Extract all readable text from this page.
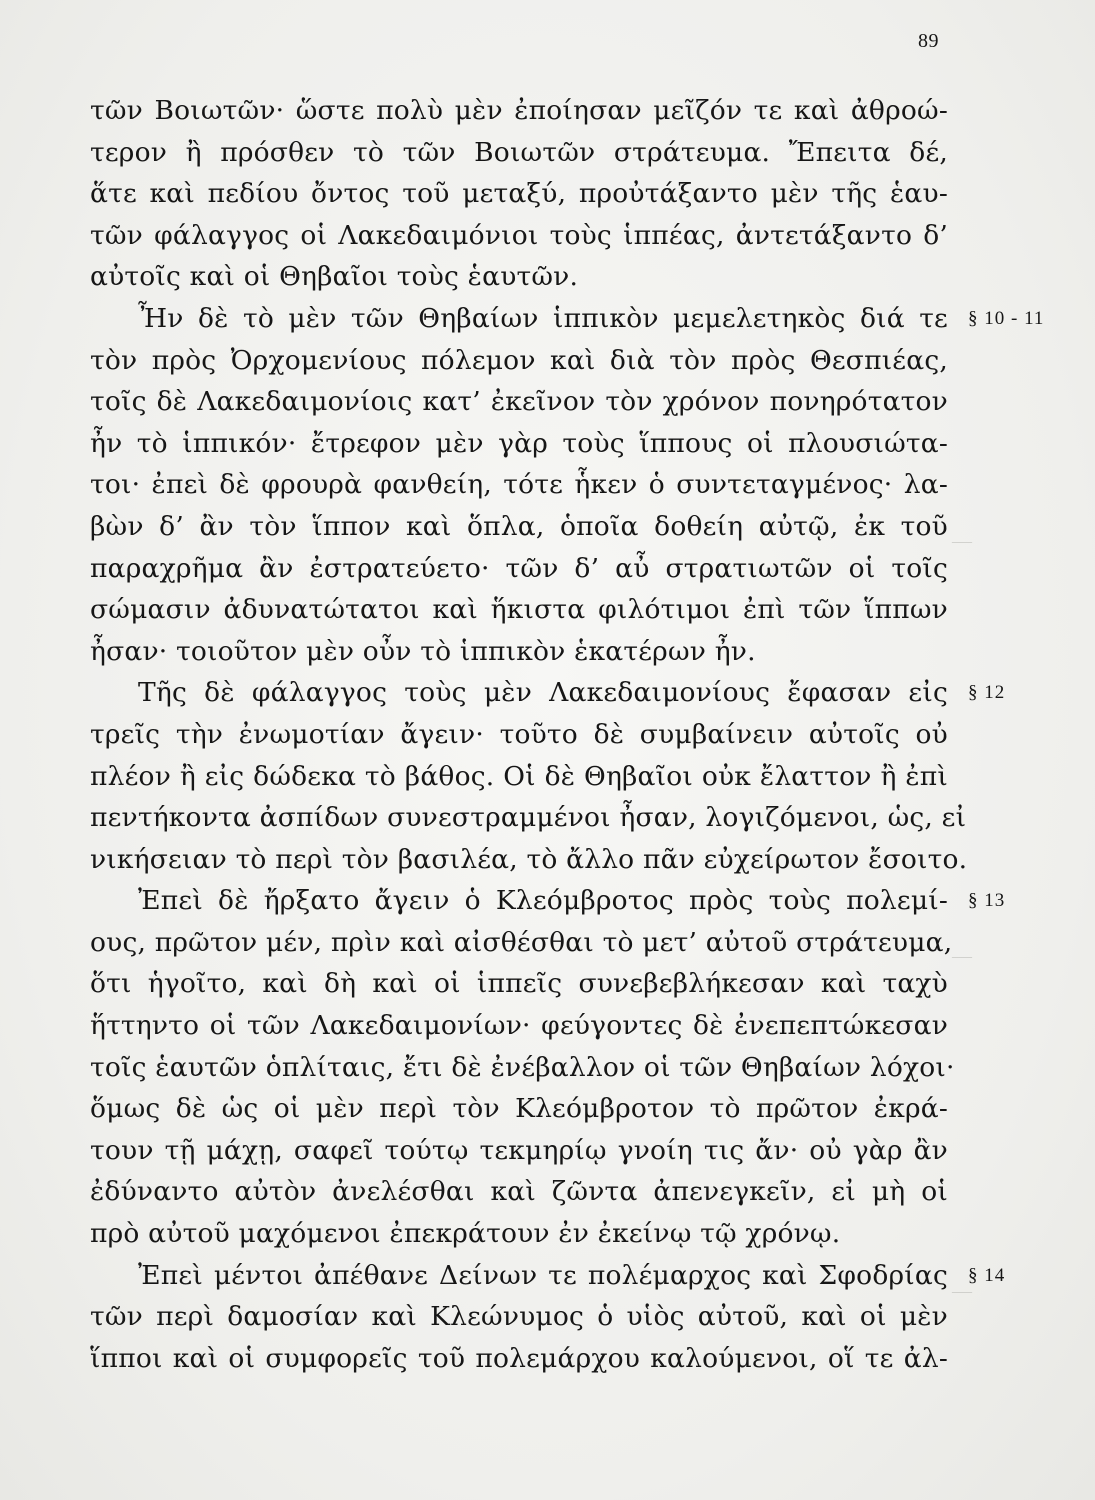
—
—
—
89
τῶν Βοιωτῶν· ὥστε πολὺ μὲν ἐποίησαν μεῖζόν τε καὶ ἀθροώ-
τερον ἢ πρόσθεν τὸ τῶν Βοιωτῶν στράτευμα. Ἔπειτα δέ,
ἅτε καὶ πεδίου ὄντος τοῦ μεταξύ, προὐτάξαντο μὲν τῆς ἑαυ-
τῶν φάλαγγος οἱ Λακεδαιμόνιοι τοὺς ἱππέας, ἀντετάξαντο δ’
αὐτοῖς καὶ οἱ Θηβαῖοι τοὺς ἑαυτῶν.
Ἦν δὲ τὸ μὲν τῶν Θηβαίων ἱππικὸν μεμελετηκὸς διά τε § 10 - 11
τὸν πρὸς Ὀρχομενίους πόλεμον καὶ διὰ τὸν πρὸς Θεσπιέας,
τοῖς δὲ Λακεδαιμονίοις κατ’ ἐκεῖνον τὸν χρόνον πονηρότατον
ἦν τὸ ἱππικόν· ἔτρεφον μὲν γὰρ τοὺς ἵππους οἱ πλουσιώτα-
τοι· ἐπεὶ δὲ φρουρὰ φανθείη, τότε ἧκεν ὁ συντεταγμένος· λα-
βὼν δ’ ἂν τὸν ἵππον καὶ ὅπλα, ὁποῖα δοθείη αὐτῷ, ἐκ τοῦ
παραχρῆμα ἂν ἐστρατεύετο· τῶν δ’ αὖ στρατιωτῶν οἱ τοῖς
σώμασιν ἀδυνατώτατοι καὶ ἥκιστα φιλότιμοι ἐπὶ τῶν ἵππων
ἦσαν· τοιοῦτον μὲν οὖν τὸ ἱππικὸν ἑκατέρων ἦν.
Τῆς δὲ φάλαγγος τοὺς μὲν Λακεδαιμονίους ἔφασαν εἰς § 12
τρεῖς τὴν ἐνωμοτίαν ἄγειν· τοῦτο δὲ συμβαίνειν αὐτοῖς οὐ
πλέον ἢ εἰς δώδεκα τὸ βάθος. Οἱ δὲ Θηβαῖοι οὐκ ἔλαττον ἢ ἐπὶ
πεντήκοντα ἀσπίδων συνεστραμμένοι ἦσαν, λογιζόμενοι, ὡς, εἰ
νικήσειαν τὸ περὶ τὸν βασιλέα, τὸ ἄλλο πᾶν εὐχείρωτον ἔσοιτο.
Ἐπεὶ δὲ ἤρξατο ἄγειν ὁ Κλεόμβροτος πρὸς τοὺς πολεμί- § 13
ους, πρῶτον μέν, πρὶν καὶ αἰσθέσθαι τὸ μετ’ αὐτοῦ στράτευμα,
ὅτι ἡγοῖτο, καὶ δὴ καὶ οἱ ἱππεῖς συνεβεβλήκεσαν καὶ ταχὺ
ἥττηντο οἱ τῶν Λακεδαιμονίων· φεύγοντες δὲ ἐνεπεπτώκεσαν
τοῖς ἑαυτῶν ὁπλίταις, ἔτι δὲ ἐνέβαλλον οἱ τῶν Θηβαίων λόχοι·
ὅμως δὲ ὡς οἱ μὲν περὶ τὸν Κλεόμβροτον τὸ πρῶτον ἐκρά-
τουν τῇ μάχῃ, σαφεῖ τούτῳ τεκμηρίῳ γνοίη τις ἄν· οὐ γὰρ ἂν
ἐδύναντο αὐτὸν ἀνελέσθαι καὶ ζῶντα ἀπενεγκεῖν, εἰ μὴ οἱ
πρὸ αὐτοῦ μαχόμενοι ἐπεκράτουν ἐν ἐκείνῳ τῷ χρόνῳ.
Ἐπεὶ μέντοι ἀπέθανε Δείνων τε πολέμαρχος καὶ Σφοδρίας § 14
τῶν περὶ δαμοσίαν καὶ Κλεώνυμος ὁ υἱὸς αὐτοῦ, καὶ οἱ μὲν
ἵπποι καὶ οἱ συμφορεῖς τοῦ πολεμάρχου καλούμενοι, οἵ τε ἀλ-
